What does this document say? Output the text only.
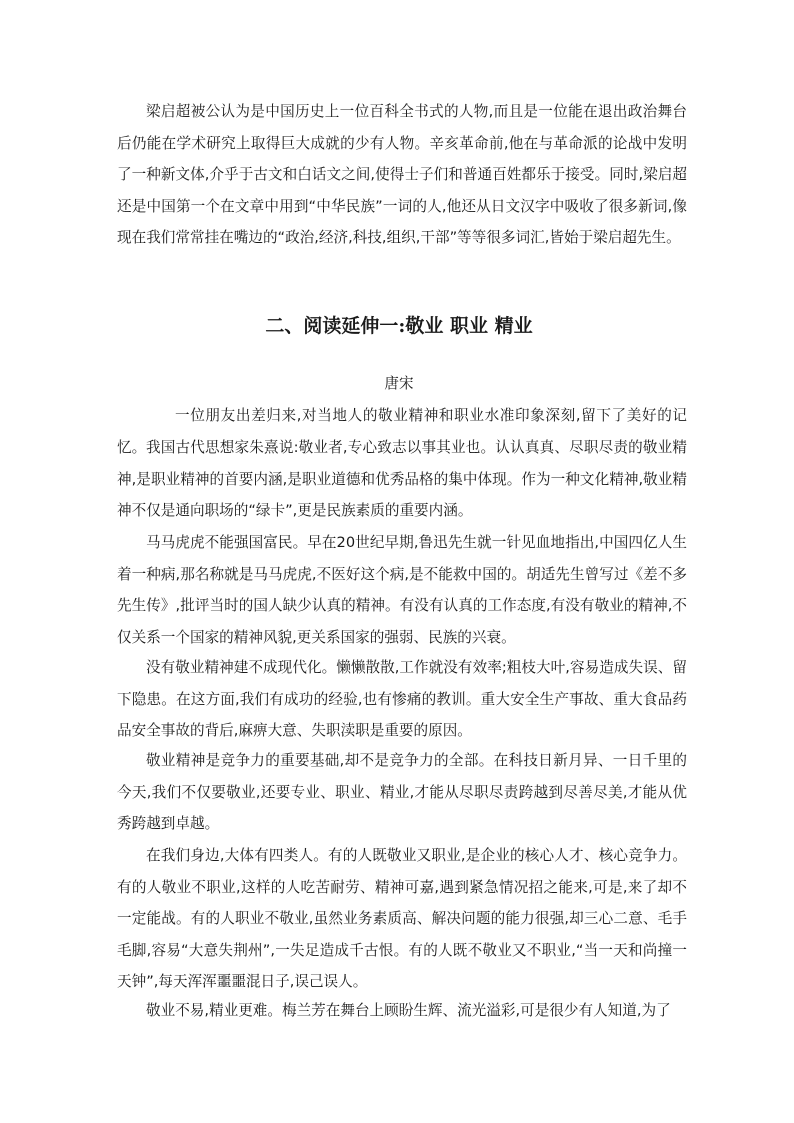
梁启超被公认为是中国历史上一位百科全书式的人物,而且是一位能在退出政治舞台后仍能在学术研究上取得巨大成就的少有人物。辛亥革命前,他在与革命派的论战中发明了一种新文体,介乎于古文和白话文之间,使得士子们和普通百姓都乐于接受。同时,梁启超还是中国第一个在文章中用到“中华民族”一词的人,他还从日文汉字中吸收了很多新词,像现在我们常常挂在嘴边的“政治,经济,科技,组织,干部”等等很多词汇,皆始于梁启超先生。

二、阅读延伸一:敬业 职业 精业
唐宋

一位朋友出差归来,对当地人的敬业精神和职业水准印象深刻,留下了美好的记忆。 我国古代思想家朱熹说:敬业者,专心致志以事其业也。认认真真、尽职尽责的敬业精神,是职业精神的首要内涵,是职业道德和优秀品格的集中体现。作为一种文化精神,敬业精神不仅是通向职场的“绿卡”,更是民族素质的重要内涵。

马马虎虎不能强国富民。早在20世纪早期,鲁迅先生就一针见血地指出,中国四亿人生着一种病,那名称就是马马虎虎,不医好这个病,是不能救中国的。胡适先生曾写过《差不多先生传》,批评当时的国人缺少认真的精神。有没有认真的工作态度,有没有敬业的精神,不仅关系一个国家的精神风貌,更关系国家的强弱、民族的兴衰。

没有敬业精神建不成现代化。懒懒散散,工作就没有效率;粗枝大叶,容易造成失误、留下隐患。在这方面,我们有成功的经验,也有惨痛的教训。重大安全生产事故、重大食品药品安全事故的背后,麻痹大意、失职渎职是重要的原因。

敬业精神是竞争力的重要基础,却不是竞争力的全部。在科技日新月异、一日千里的今天,我们不仅要敬业,还要专业、职业、精业,才能从尽职尽责跨越到尽善尽美,才能从优秀跨越到卓越。

在我们身边,大体有四类人。有的人既敬业又职业,是企业的核心人才、核心竞争力。有的人敬业不职业,这样的人吃苦耐劳、精神可嘉,遇到紧急情况招之能来,可是,来了却不一定能战。有的人职业不敬业,虽然业务素质高、解决问题的能力很强,却三心二意、毛手毛脚,容易“大意失荆州”,一失足造成千古恨。有的人既不敬业又不职业,“当一天和尚撞一天钟”,每天浑浑噩噩混日子,误己误人。

敬业不易,精业更难。梅兰芳在舞台上顾盼生辉、流光溢彩,可是很少有人知道,为了
